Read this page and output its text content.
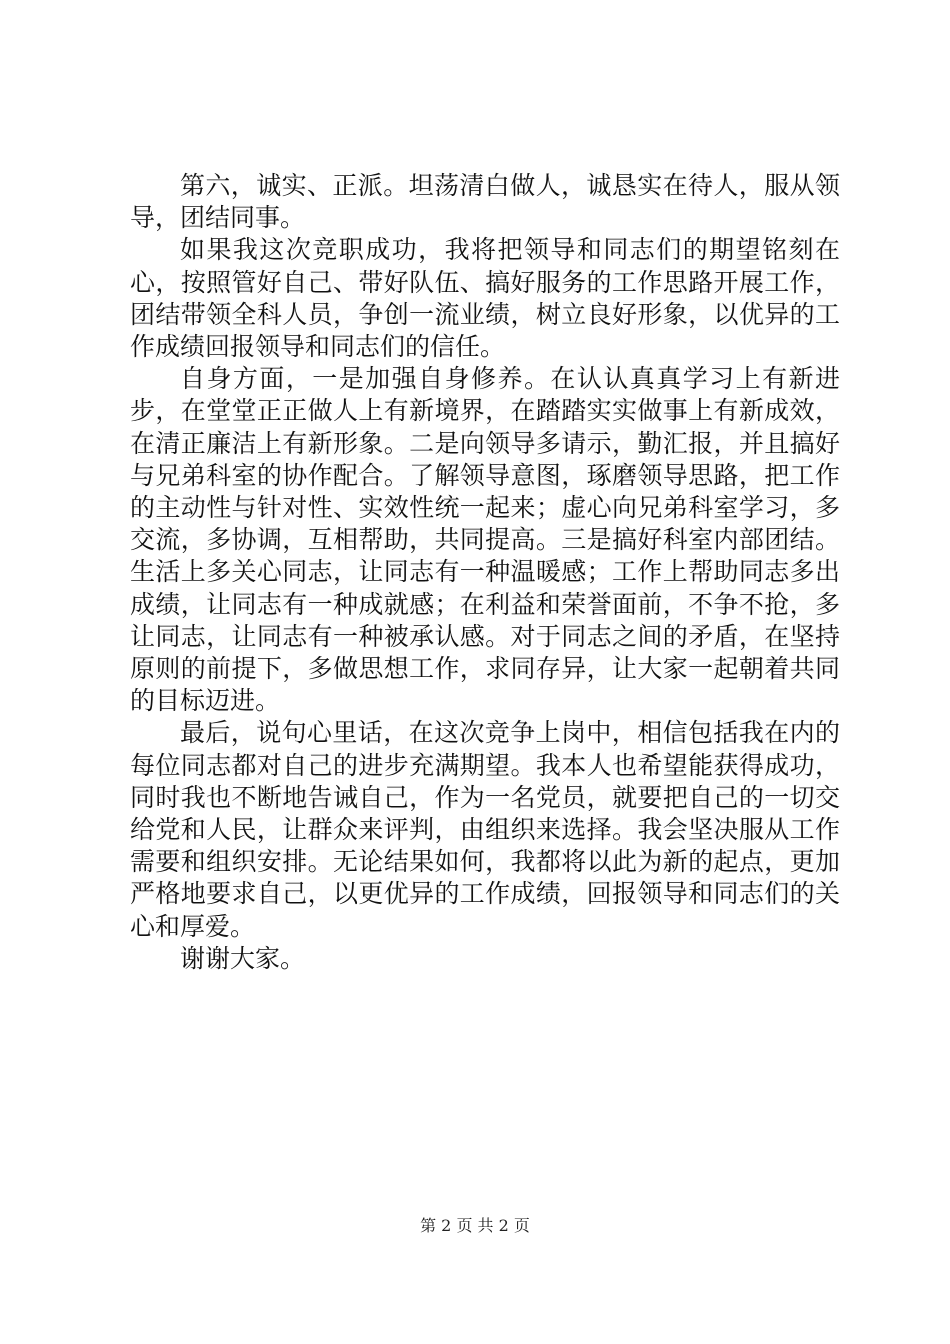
第六，诚实、正派。坦荡清白做人，诚恳实在待人，服从领导，团结同事。

如果我这次竞职成功，我将把领导和同志们的期望铭刻在心，按照管好自己、带好队伍、搞好服务的工作思路开展工作，团结带领全科人员，争创一流业绩，树立良好形象，以优异的工作成绩回报领导和同志们的信任。

自身方面，一是加强自身修养。在认认真真学习上有新进步，在堂堂正正做人上有新境界，在踏踏实实做事上有新成效，在清正廉洁上有新形象。二是向领导多请示，勤汇报，并且搞好与兄弟科室的协作配合。了解领导意图，琢磨领导思路，把工作的主动性与针对性、实效性统一起来；虚心向兄弟科室学习，多交流，多协调，互相帮助，共同提高。三是搞好科室内部团结。生活上多关心同志，让同志有一种温暖感；工作上帮助同志多出成绩，让同志有一种成就感；在利益和荣誉面前，不争不抢，多让同志，让同志有一种被承认感。对于同志之间的矛盾，在坚持原则的前提下，多做思想工作，求同存异，让大家一起朝着共同的目标迈进。

最后，说句心里话，在这次竞争上岗中，相信包括我在内的每位同志都对自己的进步充满期望。我本人也希望能获得成功，同时我也不断地告诫自己，作为一名党员，就要把自己的一切交给党和人民，让群众来评判，由组织来选择。我会坚决服从工作需要和组织安排。无论结果如何，我都将以此为新的起点，更加严格地要求自己，以更优异的工作成绩，回报领导和同志们的关心和厚爱。

谢谢大家。

第 2 页 共 2 页
